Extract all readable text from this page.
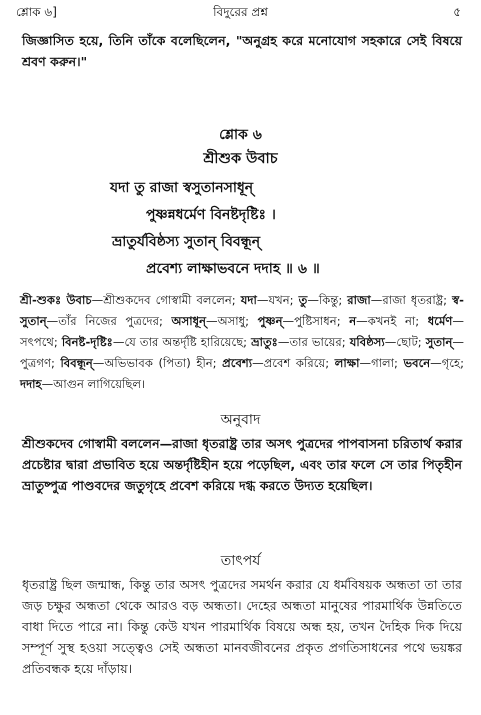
শ্লোক ৬]	বিদুরের প্রশ্ন	৫

জিজ্ঞাসিত হয়ে, তিনি তাঁকে বলেছিলেন, "অনুগ্রহ করে মনোযোগ সহকারে সেই বিষয়ে শ্রবণ করুন।"

শ্লোক ৬

শ্রীশুক উবাচ

যদা তু রাজা স্বসুতানসাধূন্

পুষ্ণন্নধর্মেণ বিনষ্টদৃষ্টিঃ ।

ভ্রাতুর্যবিষ্ঠস্য সুতান্ বিবন্ধূন্

প্রবেশ্য লাক্ষাভবনে দদাহ ॥ ৬ ॥

শ্রী-শুকঃ উবাচ—শ্রীশুকদেব গোস্বামী বললেন; যদা—যখন; তু—কিন্তু; রাজা—রাজা ধৃতরাষ্ট্র; স্ব-সুতান্—তাঁর নিজের পুত্রদের; অসাধূন্—অসাধু; পুষ্ণন্—পুষ্টিসাধন; ন—কখনই না; ধর্মেণ—সৎপথে; বিনষ্ট-দৃষ্টিঃ—যে তার অন্তর্দৃষ্টি হারিয়েছে; ভ্রাতুঃ—তার ভায়ের; যবিষ্ঠস্য—ছোট; সুতান্—পুত্রগণ; বিবন্ধূন্—অভিভাবক (পিতা) হীন; প্রবেশ্য—প্রবেশ করিয়ে; লাক্ষা—গালা; ভবনে—গৃহে; দদাহ—আগুন লাগিয়েছিল।

অনুবাদ

শ্রীশুকদেব গোস্বামী বললেন—রাজা ধৃতরাষ্ট্র তার অসৎ পুত্রদের পাপবাসনা চরিতার্থ করার প্রচেষ্টার দ্বারা প্রভাবিত হয়ে অন্তর্দৃষ্টিহীন হয়ে পড়েছিল, এবং তার ফলে সে তার পিতৃহীন ভ্রাতুষ্পুত্র পাণ্ডবদের জতুগৃহে প্রবেশ করিয়ে দগ্ধ করতে উদ্যত হয়েছিল।

তাৎপর্য

ধৃতরাষ্ট্র ছিল জন্মান্ধ, কিন্তু তার অসৎ পুত্রদের সমর্থন করার যে ধর্মবিষয়ক অন্ধতা তা তার জড় চক্ষুর অন্ধতা থেকে আরও বড় অন্ধতা। দেহের অন্ধতা মানুষের পারমার্থিক উন্নতিতে বাধা দিতে পারে না। কিন্তু কেউ যখন পারমার্থিক বিষয়ে অন্ধ হয়, তখন দৈহিক দিক দিয়ে সম্পূর্ণ সুস্থ হওয়া সত্ত্বেও সেই অন্ধতা মানবজীবনের প্রকৃত প্রগতিসাধনের পথে ভয়ঙ্কর প্রতিবন্ধক হয়ে দাঁড়ায়।
